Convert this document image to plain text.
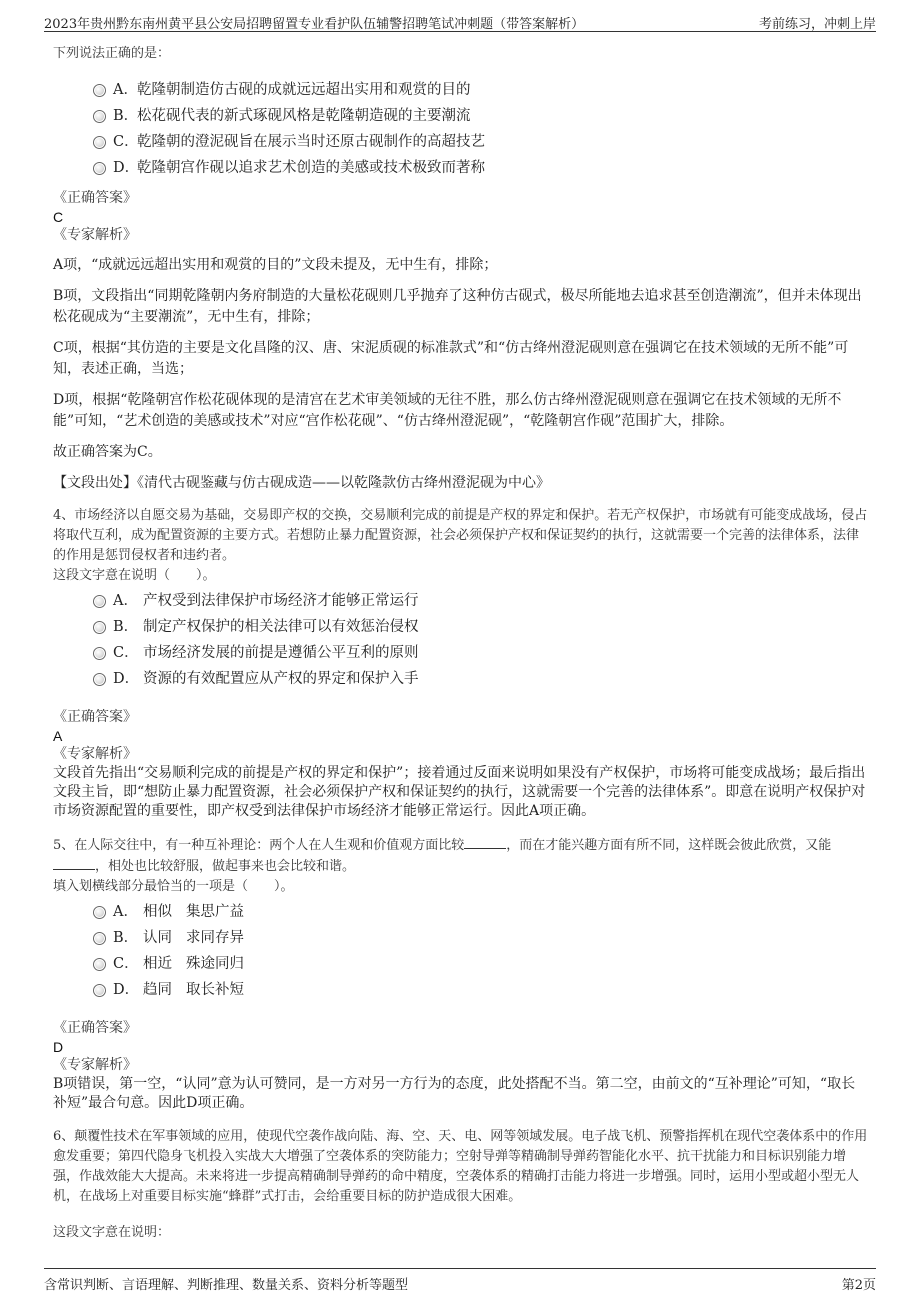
2023年贵州黔东南州黄平县公安局招聘留置专业看护队伍辅警招聘笔试冲刺题（带答案解析）	考前练习，冲刺上岸
下列说法正确的是：
A．乾隆朝制造仿古砚的成就远远超出实用和观赏的目的
B．松花砚代表的新式琢砚风格是乾隆朝造砚的主要潮流
C．乾隆朝的澄泥砚旨在展示当时还原古砚制作的高超技艺
D．乾隆朝宫作砚以追求艺术创造的美感或技术极致而著称
《正确答案》
C
《专家解析》

A项，“成就远远超出实用和观赏的目的”文段未提及，无中生有，排除；

B项，文段指出“同期乾隆朝内务府制造的大量松花砚则几乎抛弃了这种仿古砚式，极尽所能地去追求甚至创造潮流”，但并未体现出松花砚成为“主要潮流”，无中生有，排除；

C项，根据“其仿造的主要是文化昌隆的汉、唐、宋泥质砚的标准款式”和“仿古绛州澄泥砚则意在强调它在技术领域的无所不能”可知，表述正确，当选；

D项，根据“乾隆朝宫作松花砚体现的是清宫在艺术审美领域的无往不胜，那么仿古绛州澄泥砚则意在强调它在技术领域的无所不能”可知，“艺术创造的美感或技术”对应“宫作松花砚”、“仿古绛州澄泥砚”，“乾隆朝宫作砚”范围扩大，排除。

故正确答案为C。

【文段出处】《清代古砚鉴藏与仿古砚成造——以乾隆款仿古绛州澄泥砚为中心》

4、市场经济以自愿交易为基础，交易即产权的交换，交易顺利完成的前提是产权的界定和保护。若无产权保护，市场就有可能变成战场，侵占将取代互利，成为配置资源的主要方式。若想防止暴力配置资源，社会必须保护产权和保证契约的执行，这就需要一个完善的法律体系，法律的作用是惩罚侵权者和违约者。

这段文字意在说明（　　）。

A． 产权受到法律保护市场经济才能够正常运行
B． 制定产权保护的相关法律可以有效惩治侵权
C． 市场经济发展的前提是遵循公平互利的原则
D． 资源的有效配置应从产权的界定和保护入手
《正确答案》
A
《专家解析》

文段首先指出“交易顺利完成的前提是产权的界定和保护”；接着通过反面来说明如果没有产权保护，市场将可能变成战场；最后指出文段主旨，即“想防止暴力配置资源，社会必须保护产权和保证契约的执行，这就需要一个完善的法律体系”。即意在说明产权保护对市场资源配置的重要性，即产权受到法律保护市场经济才能够正常运行。因此A项正确。

5、在人际交往中，有一种互补理论：两个人在人生观和价值观方面比较	，而在才能兴趣方面有所不同，这样既会彼此欣赏，又能，相处也比较舒服，做起事来也会比较和谐。

填入划横线部分最恰当的一项是（　　）。

A． 相似 集思广益
B． 认同 求同存异
C． 相近 殊途同归
D． 趋同 取长补短
《正确答案》
D
《专家解析》

B项错误，第一空，“认同”意为认可赞同，是一方对另一方行为的态度，此处搭配不当。第二空，由前文的“互补理论”可知，“取长补短”最合句意。因此D项正确。

6、颠覆性技术在军事领域的应用，使现代空袭作战向陆、海、空、天、电、网等领域发展。电子战飞机、预警指挥机在现代空袭体系中的作用愈发重要；第四代隐身飞机投入实战大大增强了空袭体系的突防能力；空射导弹等精确制导弹药智能化水平、抗干扰能力和目标识别能力增强，作战效能大大提高。未来将进一步提高精确制导弹药的命中精度，空袭体系的精确打击能力将进一步增强。同时，运用小型或超小型无人机，在战场上对重要目标实施“蜂群”式打击，会给重要目标的防护造成很大困难。

这段文字意在说明：

含常识判断、言语理解、判断推理、数量关系、资料分析等题型	第2页
